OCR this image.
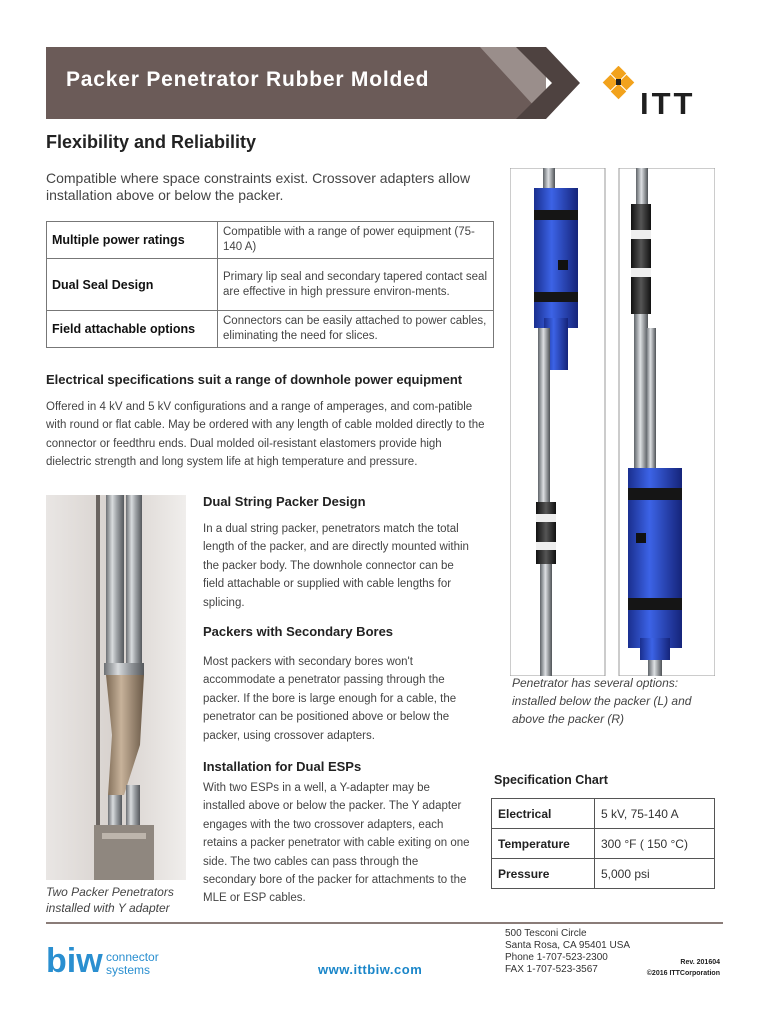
Packer Penetrator Rubber Molded
ITT
Flexibility and Reliability
Compatible where space constraints exist. Crossover adapters allow installation above or below the packer.
Multiple power ratings	Compatible with a range of power equipment (75-140 A)
Dual Seal Design	Primary lip seal and secondary tapered contact seal are effective in high pressure environ-ments.
Field attachable options	Connectors can be easily attached to power cables, eliminating the need for slices.
Electrical specifications suit a range of downhole power equipment
Offered in 4 kV and 5 kV configurations and a range of amperages, and com-patible with round or flat cable. May be ordered with any length of cable molded directly to the connector or feedthru ends. Dual molded oil-resistant elastomers provide high dielectric strength and long system life at high temperature and pressure.
Two Packer Penetrators installed with Y adapter
Dual String Packer Design
In a dual string packer, penetrators match the total length of the packer, and are directly mounted within the packer body. The downhole connector can be field attachable or supplied with cable lengths for splicing.
Packers with Secondary Bores
Most packers with secondary bores won't accommodate a penetrator passing through the packer. If the bore is large enough for a cable, the penetrator can be positioned above or below the packer, using crossover adapters.
Installation for Dual ESPs
With two ESPs in a well, a Y-adapter may be installed above or below the packer. The Y adapter engages with the two crossover adapters, each retains a packer penetrator with cable exiting on one side. The two cables can pass through the secondary bore of the packer for attachments to the MLE or ESP cables.
Penetrator has several options: installed below the packer (L) and above the packer (R)
Specification Chart
Electrical	5 kV, 75-140 A
Temperature	300 °F ( 150 °C)
Pressure	5,000 psi
500 Tesconi Circle
Santa Rosa, CA 95401 USA
Phone 1-707-523-2300
FAX 1-707-523-3567
Rev. 201604
©2016 ITTCorporation
www.ittbiw.com
biw connector
systems
